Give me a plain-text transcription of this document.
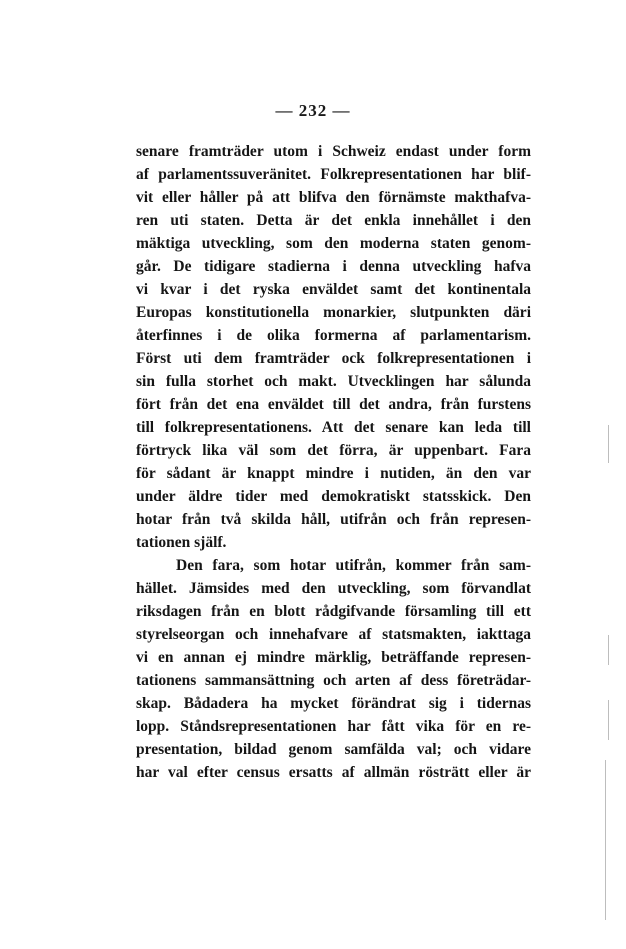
— 232 —
senare framträder utom i Schweiz endast under form
af parlamentssuveränitet. Folkrepresentationen har blif-
vit eller håller på att blifva den förnämste makthafva-
ren uti staten. Detta är det enkla innehållet i den
mäktiga utveckling, som den moderna staten genom-
går. De tidigare stadierna i denna utveckling hafva
vi kvar i det ryska enväldet samt det kontinentala
Europas konstitutionella monarkier, slutpunkten däri
återfinnes i de olika formerna af parlamentarism.
Först uti dem framträder ock folkrepresentationen i
sin fulla storhet och makt. Utvecklingen har sålunda
fört från det ena enväldet till det andra, från furstens
till folkrepresentationens. Att det senare kan leda till
förtryck lika väl som det förra, är uppenbart. Fara
för sådant är knappt mindre i nutiden, än den var
under äldre tider med demokratiskt statsskick. Den
hotar från två skilda håll, utifrån och från represen-
tationen själf.
Den fara, som hotar utifrån, kommer från sam-
hället. Jämsides med den utveckling, som förvandlat
riksdagen från en blott rådgifvande församling till ett
styrelseorgan och innehafvare af statsmakten, iakttaga
vi en annan ej mindre märklig, beträffande represen-
tationens sammansättning och arten af dess företrädar-
skap. Bådadera ha mycket förändrat sig i tidernas
lopp. Ståndsrepresentationen har fått vika för en re-
presentation, bildad genom samfälda val; och vidare
har val efter census ersatts af allmän rösträtt eller är
